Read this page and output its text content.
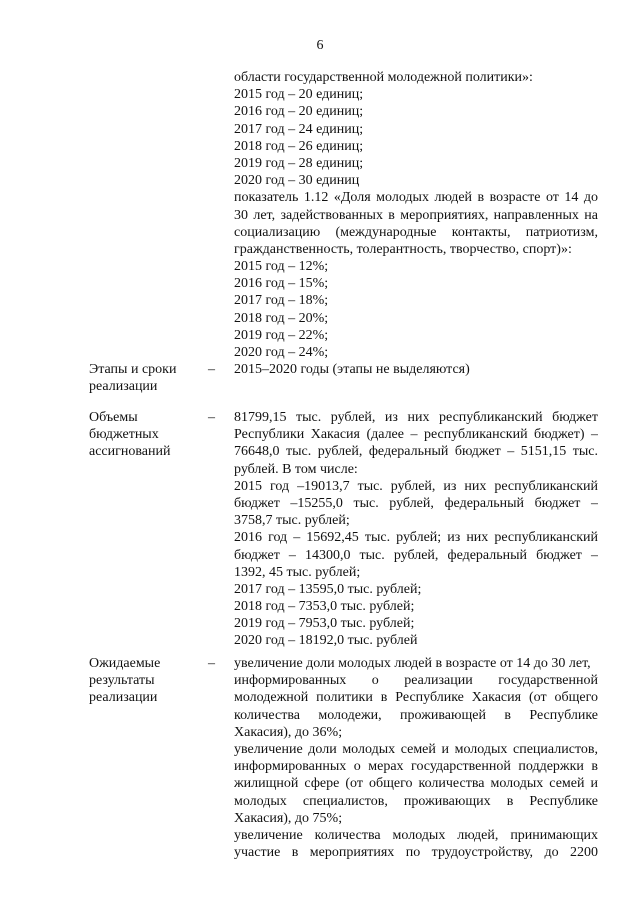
6
области государственной молодежной политики»:
2015 год – 20 единиц;
2016 год – 20 единиц;
2017 год – 24 единиц;
2018 год – 26 единиц;
2019 год – 28 единиц;
2020 год – 30 единиц
показатель 1.12 «Доля молодых людей в возрасте от 14 до
30 лет, задействованных в мероприятиях, направленных на
социализацию (международные контакты, патриотизм,
гражданственность, толерантность, творчество, спорт)»:
2015 год – 12%;
2016 год – 15%;
2017 год – 18%;
2018 год – 20%;
2019 год – 22%;
2020 год – 24%;
Этапы и сроки
реализации
–	2015–2020 годы (этапы не выделяются)
Объемы
бюджетных
ассигнований
–	81799,15 тыс. рублей, из них республиканский бюджет
Республики Хакасия (далее – республиканский бюджет) –
76648,0 тыс. рублей, федеральный бюджет – 5151,15 тыс.
рублей. В том числе:
2015 год –19013,7 тыс. рублей, из них республиканский
бюджет –15255,0 тыс. рублей, федеральный бюджет –
3758,7 тыс. рублей;
2016 год – 15692,45 тыс. рублей; из них республиканский
бюджет – 14300,0 тыс. рублей, федеральный бюджет –
1392, 45 тыс. рублей;
2017 год – 13595,0 тыс. рублей;
2018 год – 7353,0 тыс. рублей;
2019 год – 7953,0 тыс. рублей;
2020 год – 18192,0 тыс. рублей
Ожидаемые
результаты
реализации
–	увеличение доли молодых людей в возрасте от 14 до 30 лет,
информированных о реализации государственной
молодежной политики в Республике Хакасия (от общего
количества молодежи, проживающей в Республике
Хакасия), до 36%;
увеличение доли молодых семей и молодых специалистов,
информированных о мерах государственной поддержки в
жилищной сфере (от общего количества молодых семей и
молодых специалистов, проживающих в Республике
Хакасия), до 75%;
увеличение количества молодых людей, принимающих
участие в мероприятиях по трудоустройству, до 2200
